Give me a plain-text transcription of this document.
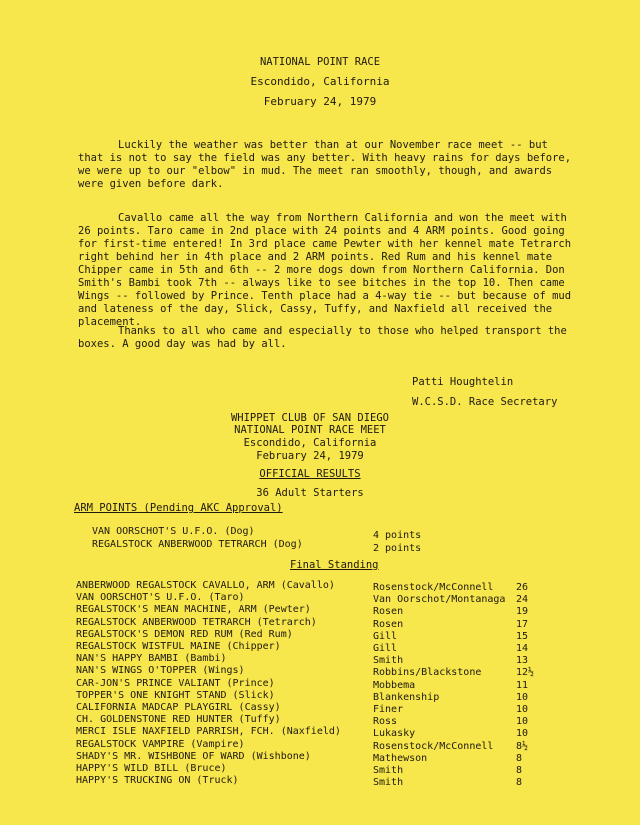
NATIONAL POINT RACE
Escondido, California
February 24, 1979

Luckily the weather was better than at our November race meet -- but that is not to say the field was any better. With heavy rains for days before, we were up to our "elbow" in mud. The meet ran smoothly, though, and awards were given before dark.

Cavallo came all the way from Northern California and won the meet with 26 points. Taro came in 2nd place with 24 points and 4 ARM points. Good going for first-time entered! In 3rd place came Pewter with her kennel mate Tetrarch right behind her in 4th place and 2 ARM points. Red Rum and his kennel mate Chipper came in 5th and 6th -- 2 more dogs down from Northern California. Don Smith's Bambi took 7th -- always like to see bitches in the top 10. Then came Wings -- followed by Prince. Tenth place had a 4-way tie -- but because of mud and lateness of the day, Slick, Cassy, Tuffy, and Naxfield all received the placement.

Thanks to all who came and especially to those who helped transport the boxes. A good day was had by all.

Patti Houghtelin
W.C.S.D. Race Secretary
WHIPPET CLUB OF SAN DIEGO
NATIONAL POINT RACE MEET
Escondido, California
February 24, 1979
OFFICIAL RESULTS
36 Adult Starters
ARM POINTS (Pending AKC Approval)
VAN OORSCHOT'S U.F.O. (Dog)	4 points
REGALSTOCK ANBERWOOD TETRARCH (Dog)	2 points
Final Standing
ANBERWOOD REGALSTOCK CAVALLO, ARM (Cavallo)	Rosenstock/McConnell 26
VAN OORSCHOT'S U.F.O. (Taro)	Van Oorschot/Montanaga 24
REGALSTOCK'S MEAN MACHINE, ARM (Pewter)	Rosen	19
REGALSTOCK ANBERWOOD TETRARCH (Tetrarch)	Rosen	17
REGALSTOCK'S DEMON RED RUM (Red Rum)	Gill	15
REGALSTOCK WISTFUL MAINE (Chipper)	Gill	14
NAN'S HAPPY BAMBI (Bambi)	Smith	13
NAN'S WINGS O'TOPPER (Wings)	Robbins/Blackstone	12½
CAR-JON'S PRINCE VALIANT (Prince)	Mobbema	11
TOPPER'S ONE KNIGHT STAND (Slick)	Blankenship	10
CALIFORNIA MADCAP PLAYGIRL (Cassy)	Finer	10
CH. GOLDENSTONE RED HUNTER (Tuffy)	Ross	10
MERCI ISLE NAXFIELD PARRISH, FCH. (Naxfield)	Lukasky	10
REGALSTOCK VAMPIRE (Vampire)	Rosenstock/McConnell 8½
SHADY'S MR. WISHBONE OF WARD (Wishbone)	Mathewson	8
HAPPY'S WILD BILL (Bruce)	Smith	8
HAPPY'S TRUCKING ON (Truck)	Smith	8
